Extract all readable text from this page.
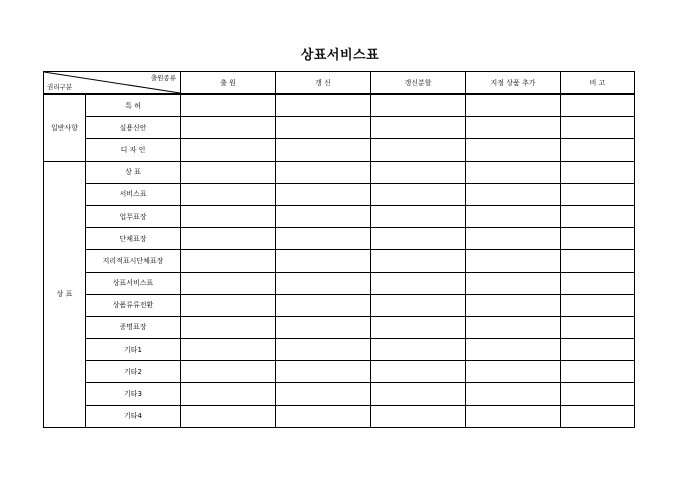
상표서비스표
출원종류
권리구분		출 원	갱 신	갱신분할	지정 상품 추가	비 고
일반사항	특 허					
	실용신안					
	디 자 인					
상 표	상 표					
	서비스표					
	업무표장					
	단체표장					
	지리적표시단체표장					
	상표서비스표					
	상품류류전환					
	증명표장					
	기타1					
	기타2					
	기타3					
	기타4					
